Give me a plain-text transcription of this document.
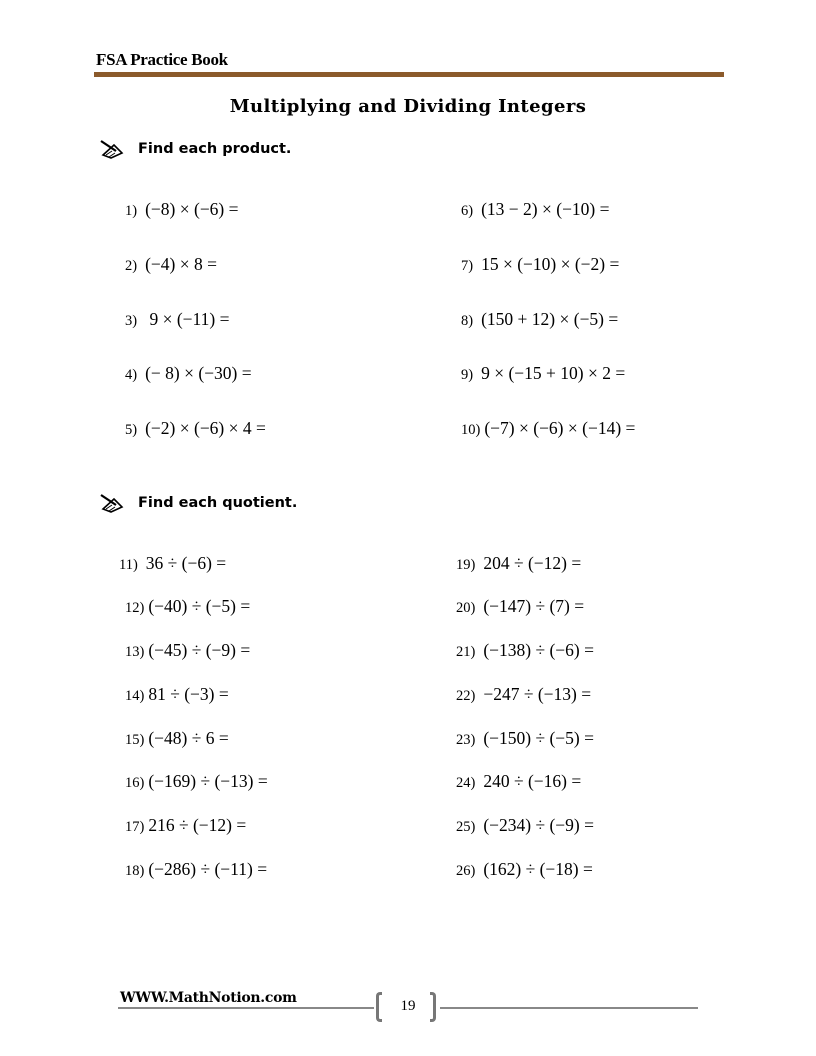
FSA Practice Book
Multiplying and Dividing Integers
Find each product.
1) (−8) × (−6) =
2) (−4) × 8 =
3) 9 × (−11) =
4) (− 8) × (−30) =
5) (−2) × (−6) × 4 =
6) (13 − 2) × (−10) =
7) 15 × (−10) × (−2) =
8) (150 + 12) × (−5) =
9) 9 × (−15 + 10) × 2 =
10) (−7) × (−6) × (−14) =
Find each quotient.
11) 36 ÷ (−6) =
12) (−40) ÷ (−5) =
13) (−45) ÷ (−9) =
14) 81 ÷ (−3) =
15) (−48) ÷ 6 =
16) (−169) ÷ (−13) =
17) 216 ÷ (−12) =
18) (−286) ÷ (−11) =
19) 204 ÷ (−12) =
20) (−147) ÷ (7) =
21) (−138) ÷ (−6) =
22) −247 ÷ (−13) =
23) (−150) ÷ (−5) =
24) 240 ÷ (−16) =
25) (−234) ÷ (−9) =
26) (162) ÷ (−18) =
WWW.MathNotion.com	19
